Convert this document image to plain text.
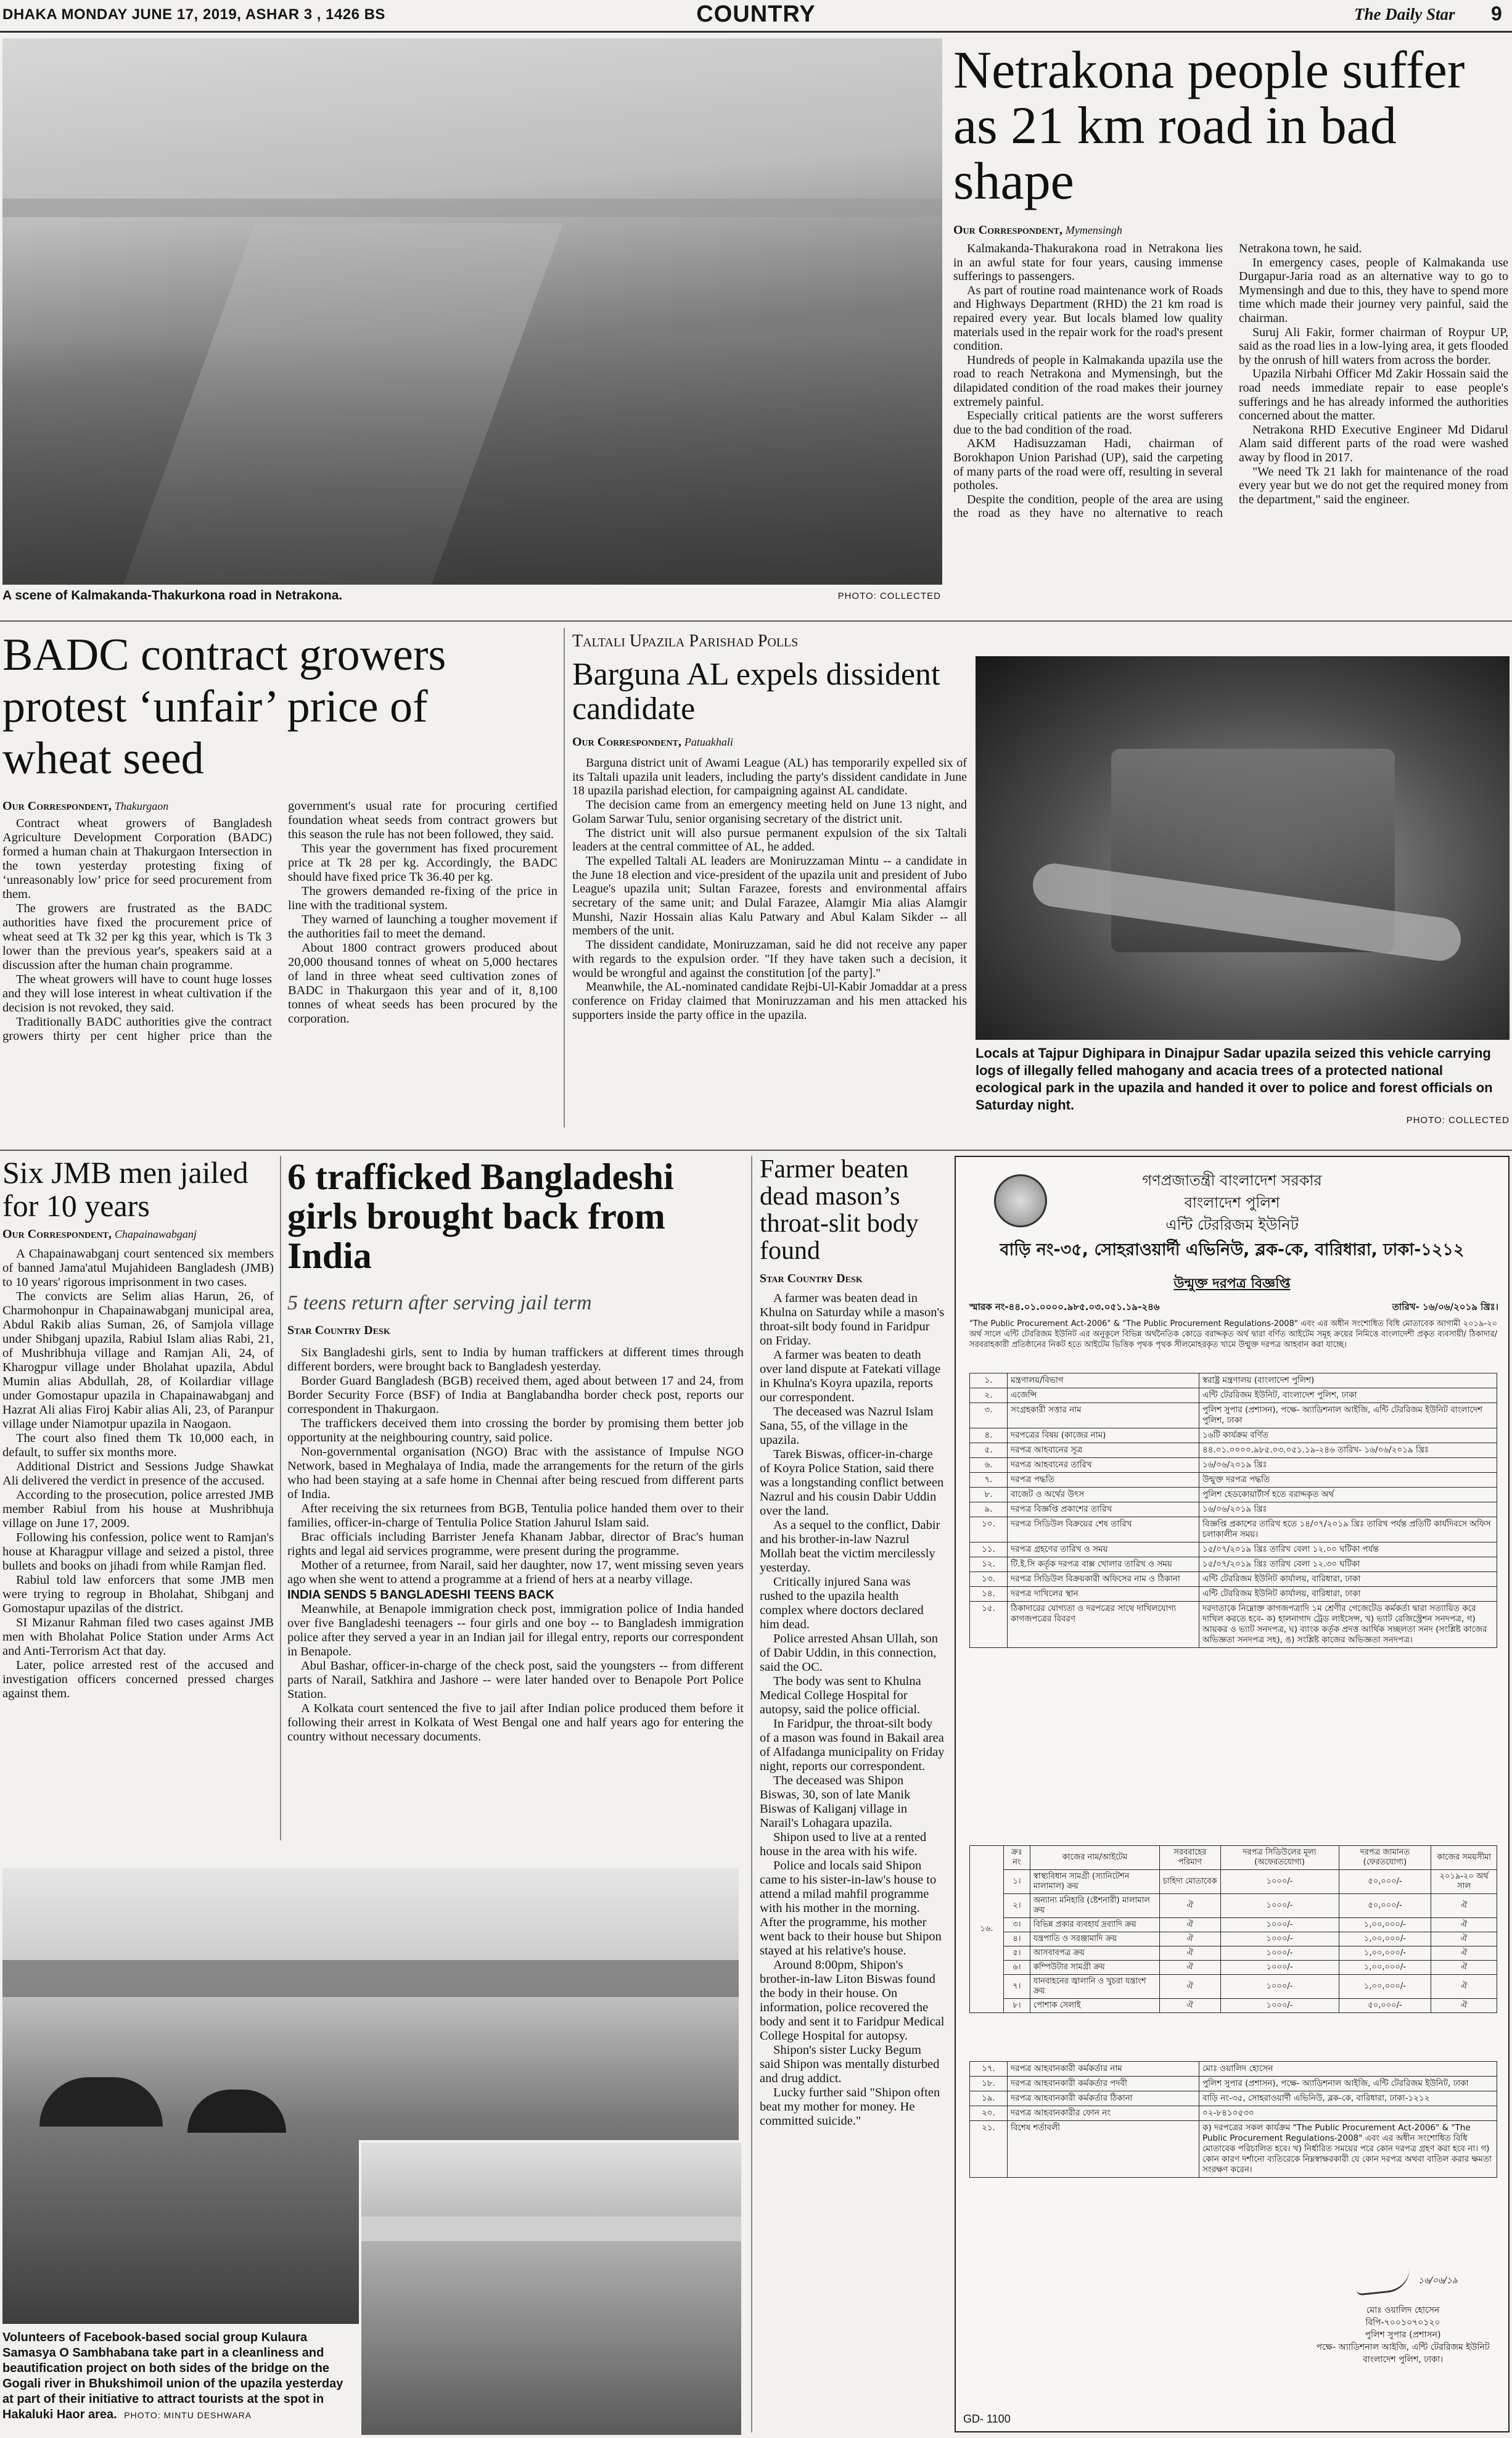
DHAKA MONDAY JUNE 17, 2019, ASHAR 3 , 1426 BS	COUNTRY	The Daily Star 9
A scene of Kalmakanda-Thakurkona road in Netrakona.	PHOTO: COLLECTED
Netrakona people suffer as 21 km road in bad shape
Our Correspondent, Mymensingh

Kalmakanda-Thakurakona road in Netrakona lies in an awful state for four years, causing immense sufferings to passengers.

As part of routine road maintenance work of Roads and Highways Department (RHD) the 21 km road is repaired every year. But locals blamed low quality materials used in the repair work for the road's present condition.

Hundreds of people in Kalmakanda upazila use the road to reach Netrakona and Mymensingh, but the dilapidated condition of the road makes their journey extremely painful.

Especially critical patients are the worst sufferers due to the bad condition of the road.

AKM Hadisuzzaman Hadi, chairman of Borokhapon Union Parishad (UP), said the carpeting of many parts of the road were off, resulting in several potholes.

Despite the condition, people of the area are using the road as they have no alternative to reach Netrakona town, he said.

In emergency cases, people of Kalmakanda use Durgapur-Jaria road as an alternative way to go to Mymensingh and due to this, they have to spend more time which made their journey very painful, said the chairman.

Suruj Ali Fakir, former chairman of Roypur UP, said as the road lies in a low-lying area, it gets flooded by the onrush of hill waters from across the border.

Upazila Nirbahi Officer Md Zakir Hossain said the road needs immediate repair to ease people's sufferings and he has already informed the authorities concerned about the matter.

Netrakona RHD Executive Engineer Md Didarul Alam said different parts of the road were washed away by flood in 2017.

"We need Tk 21 lakh for maintenance of the road every year but we do not get the required money from the department," said the engineer.

BADC contract growers protest ‘unfair’ price of wheat seed
Our Correspondent, Thakurgaon

Contract wheat growers of Bangladesh Agriculture Development Corporation (BADC) formed a human chain at Thakurgaon Intersection in the town yesterday protesting fixing of ‘unreasonably low’ price for seed procurement from them.

The growers are frustrated as the BADC authorities have fixed the procurement price of wheat seed at Tk 32 per kg this year, which is Tk 3 lower than the previous year's, speakers said at a discussion after the human chain programme.

The wheat growers will have to count huge losses and they will lose interest in wheat cultivation if the decision is not revoked, they said.

Traditionally BADC authorities give the contract growers thirty per cent higher price than the government's usual rate for procuring certified foundation wheat seeds from contract growers but this season the rule has not been followed, they said.

This year the government has fixed procurement price at Tk 28 per kg. Accordingly, the BADC should have fixed price Tk 36.40 per kg.

The growers demanded re-fixing of the price in line with the traditional system.

They warned of launching a tougher movement if the authorities fail to meet the demand.

About 1800 contract growers produced about 20,000 thousand tonnes of wheat on 5,000 hectares of land in three wheat seed cultivation zones of BADC in Thakurgaon this year and of it, 8,100 tonnes of wheat seeds has been procured by the corporation.

Taltali Upazila Parishad Polls
Barguna AL expels dissident candidate
Our Correspondent, Patuakhali

Barguna district unit of Awami League (AL) has temporarily expelled six of its Taltali upazila unit leaders, including the party's dissident candidate in June 18 upazila parishad election, for campaigning against AL candidate.

The decision came from an emergency meeting held on June 13 night, and Golam Sarwar Tulu, senior organising secretary of the district unit.

The district unit will also pursue permanent expulsion of the six Taltali leaders at the central committee of AL, he added.

The expelled Taltali AL leaders are Moniruzzaman Mintu -- a candidate in the June 18 election and vice-president of the upazila unit and president of Jubo League's upazila unit; Sultan Farazee, forests and environmental affairs secretary of the same unit; and Dulal Farazee, Alamgir Mia alias Alamgir Munshi, Nazir Hossain alias Kalu Patwary and Abul Kalam Sikder -- all members of the unit.

The dissident candidate, Moniruzzaman, said he did not receive any paper with regards to the expulsion order. "If they have taken such a decision, it would be wrongful and against the constitution [of the party]."

Meanwhile, the AL-nominated candidate Rejbi-Ul-Kabir Jomaddar at a press conference on Friday claimed that Moniruzzaman and his men attacked his supporters inside the party office in the upazila.

Locals at Tajpur Dighipara in Dinajpur Sadar upazila seized this vehicle carrying logs of illegally felled mahogany and acacia trees of a protected national ecological park in the upazila and handed it over to police and forest officials on Saturday night.
PHOTO: COLLECTED
Six JMB men jailed for 10 years
Our Correspondent, Chapainawabganj

A Chapainawabganj court sentenced six members of banned Jama'atul Mujahideen Bangladesh (JMB) to 10 years' rigorous imprisonment in two cases.

The convicts are Selim alias Harun, 26, of Charmohonpur in Chapainawabganj municipal area, Abdul Rakib alias Suman, 26, of Samjola village under Shibganj upazila, Rabiul Islam alias Rabi, 21, of Mushribhuja village and Ramjan Ali, 24, of Kharogpur village under Bholahat upazila, Abdul Mumin alias Abdullah, 28, of Koilardiar village under Gomostapur upazila in Chapainawabganj and Hazrat Ali alias Firoj Kabir alias Ali, 23, of Paranpur village under Niamotpur upazila in Naogaon.

The court also fined them Tk 10,000 each, in default, to suffer six months more.

Additional District and Sessions Judge Shawkat Ali delivered the verdict in presence of the accused.

According to the prosecution, police arrested JMB member Rabiul from his house at Mushribhuja village on June 17, 2009.

Following his confession, police went to Ramjan's house at Kharagpur village and seized a pistol, three bullets and books on jihadi from while Ramjan fled.

Rabiul told law enforcers that some JMB men were trying to regroup in Bholahat, Shibganj and Gomostapur upazilas of the district.

SI Mizanur Rahman filed two cases against JMB men with Bholahat Police Station under Arms Act and Anti-Terrorism Act that day.

Later, police arrested rest of the accused and investigation officers concerned pressed charges against them.

6 trafficked Bangladeshi girls brought back from India
5 teens return after serving jail term
Star Country Desk

Six Bangladeshi girls, sent to India by human traffickers at different times through different borders, were brought back to Bangladesh yesterday.

Border Guard Bangladesh (BGB) received them, aged about between 17 and 24, from Border Security Force (BSF) of India at Banglabandha border check post, reports our correspondent in Thakurgaon.

The traffickers deceived them into crossing the border by promising them better job opportunity at the neighbouring country, said police.

Non-governmental organisation (NGO) Brac with the assistance of Impulse NGO Network, based in Meghalaya of India, made the arrangements for the return of the girls who had been staying at a safe home in Chennai after being rescued from different parts of India.

After receiving the six returnees from BGB, Tentulia police handed them over to their families, officer-in-charge of Tentulia Police Station Jahurul Islam said.

Brac officials including Barrister Jenefa Khanam Jabbar, director of Brac's human rights and legal aid services programme, were present during the programme.

Mother of a returnee, from Narail, said her daughter, now 17, went missing seven years ago when she went to attend a programme at a friend of hers at a nearby village.

INDIA SENDS 5 BANGLADESHI TEENS BACK

Meanwhile, at Benapole immigration check post, immigration police of India handed over five Bangladeshi teenagers -- four girls and one boy -- to Bangladesh immigration police after they served a year in an Indian jail for illegal entry, reports our correspondent in Benapole.

Abul Bashar, officer-in-charge of the check post, said the youngsters -- from different parts of Narail, Satkhira and Jashore -- were later handed over to Benapole Port Police Station.

A Kolkata court sentenced the five to jail after Indian police produced them before it following their arrest in Kolkata of West Bengal one and half years ago for entering the country without necessary documents.

Volunteers of Facebook-based social group Kulaura Samasya O Sambhabana take part in a cleanliness and beautification project on both sides of the bridge on the Gogali river in Bhukshimoil union of the upazila yesterday at part of their initiative to attract tourists at the spot in Hakaluki Haor area. PHOTO: MINTU DESHWARA
Farmer beaten dead mason’s throat-slit body found
Star Country Desk

A farmer was beaten dead in Khulna on Saturday while a mason's throat-silt body found in Faridpur on Friday.

A farmer was beaten to death over land dispute at Fatekati village in Khulna's Koyra upazila, reports our correspondent.

The deceased was Nazrul Islam Sana, 55, of the village in the upazila.

Tarek Biswas, officer-in-charge of Koyra Police Station, said there was a longstanding conflict between Nazrul and his cousin Dabir Uddin over the land.

As a sequel to the conflict, Dabir and his brother-in-law Nazrul Mollah beat the victim mercilessly yesterday.

Critically injured Sana was rushed to the upazila health complex where doctors declared him dead.

Police arrested Ahsan Ullah, son of Dabir Uddin, in this connection, said the OC.

The body was sent to Khulna Medical College Hospital for autopsy, said the police official.

In Faridpur, the throat-silt body of a mason was found in Bakail area of Alfadanga municipality on Friday night, reports our correspondent.

The deceased was Shipon Biswas, 30, son of late Manik Biswas of Kaliganj village in Narail's Lohagara upazila.

Shipon used to live at a rented house in the area with his wife.

Police and locals said Shipon came to his sister-in-law's house to attend a milad mahfil programme with his mother in the morning. After the programme, his mother went back to their house but Shipon stayed at his relative's house.

Around 8:00pm, Shipon's brother-in-law Liton Biswas found the body in their house. On information, police recovered the body and sent it to Faridpur Medical College Hospital for autopsy.

Shipon's sister Lucky Begum said Shipon was mentally disturbed and drug addict.

Lucky further said "Shipon often beat my mother for money. He committed suicide."

গণপ্রজাতন্ত্রী বাংলাদেশ সরকার
বাংলাদেশ পুলিশ
এন্টি টেররিজম ইউনিট
বাড়ি নং-৩৫, সোহরাওয়ার্দী এভিনিউ, ব্লক-কে, বারিধারা, ঢাকা-১২১২
উন্মুক্ত দরপত্র বিজ্ঞপ্তি
স্মারক নং-৪৪.০১.০০০০.৯৮৫.০৩.০৫১.১৯-২৪৬	তারিখ- ১৬/০৬/২০১৯ খ্রিঃ।
"The Public Procurement Act-2006" & "The Public Procurement Regulations-2008" এবং এর অধীন সংশোধিত বিধি মোতাবেক আগামী ২০১৯-২০ অর্থ সালে এন্টি টেররিজম ইউনিট এর অনুকূলে বিভিন্ন অর্থনৈতিক কোডে বরাদ্দকৃত অর্থ দ্বারা বর্ণিত আইটেম সমূহ ক্রয়ের নিমিত্তে বাংলাদেশী প্রকৃত ব্যবসায়ী/ ঠিকাদার/ সরবরাহকারী প্রতিষ্ঠানের নিকট হতে আইটেম ভিত্তিক পৃথক পৃথক সীলমোহরকৃত খামে উন্মুক্ত দরপত্র আহবান করা যাচ্ছে।
১.	মন্ত্রণালয়/বিভাগ	স্বরাষ্ট্র মন্ত্রণালয় (বাংলাদেশ পুলিশ)
২.	এজেন্সি	এন্টি টেররিজম ইউনিট, বাংলাদেশ পুলিশ, ঢাকা
৩.	সংগ্রহকারী সত্তার নাম	পুলিশ সুপার (প্রশাসন), পক্ষে- অ্যাডিশনাল আইজি, এন্টি টেররিজম ইউনিট বাংলাদেশ পুলিশ, ঢাকা
৪.	দরপত্রের বিষয় (কাজের নাম)	১৬টি কার্যক্রম বর্ণিত
৫.	দরপত্র আহবানের সূত্র	৪৪.০১.০০০০.৯৮৫.০৩.০৫১.১৯-২৪৬ তারিখ- ১৬/০৬/২০১৯ খ্রিঃ
৬.	দরপত্র আহবানের তারিখ	১৬/০৬/২০১৯ খ্রিঃ
৭.	দরপত্র পদ্ধতি	উন্মুক্ত দরপত্র পদ্ধতি
৮.	বাজেট ও অর্থের উৎস	পুলিশ হেডকোয়ার্টার্স হতে বরাদ্দকৃত অর্থ
৯.	দরপত্র বিজ্ঞপ্তি প্রকাশের তারিখ	১৬/০৬/২০১৯ খ্রিঃ
১০.	দরপত্র সিডিউল বিক্রয়ের শেষ তারিখ	বিজ্ঞপ্তি প্রকাশের তারিখ হতে ১৪/০৭/২০১৯ খ্রিঃ তারিখ পর্যন্ত প্রতিটি কার্যদিবসে অফিস চলাকালীন সময়।
১১.	দরপত্র গ্রহণের তারিখ ও সময়	১৫/০৭/২০১৯ খ্রিঃ তারিখ বেলা ১২.০০ ঘটিকা পর্যন্ত
১২.	টি.ই.সি কর্তৃক দরপত্র বাক্স খোলার তারিখ ও সময়	১৫/০৭/২০১৯ খ্রিঃ তারিখ বেলা ১২.৩০ ঘটিকা
১৩.	দরপত্র সিডিউল বিক্রয়কারী অফিসের নাম ও ঠিকানা	এন্টি টেররিজম ইউনিট কার্যালয়, বারিধারা, ঢাকা
১৪.	দরপত্র দাখিলের স্থান	এন্টি টেররিজম ইউনিট কার্যালয়, বারিধারা, ঢাকা
১৫.	ঠিকাদারের যোগ্যতা ও দরপত্রের সাথে দাখিলযোগ্য কাগজপত্রের বিবরণ	দরদাতাকে নিম্নোক্ত কাগজপত্রাদি ১ম শ্রেণীর গেজেটেড কর্মকর্তা দ্বারা সত্যায়িত করে দাখিল করতে হবে- ক) হালনাগাদ ট্রেড লাইসেন্স, খ) ভ্যাট রেজিস্ট্রেশন সনদপত্র, গ) আয়কর ও ভ্যাট সনদপত্র, ঘ) ব্যাংক কর্তৃক প্রদত্ত আর্থিক সচ্ছলতা সনদ (সংশ্লিষ্ট কাজের অভিজ্ঞতা সনদপত্র সহ), ঙ) সংশ্লিষ্ট কাজের অভিজ্ঞতা সনদপত্র।
১৬.	ক্রঃ নং	কাজের নাম/আইটেম	সরবরাহের পরিমাণ	দরপত্র সিডিউলের মূল্য (অফেরতযোগ্য)	দরপত্র জামানত (ফেরতযোগ্য)	কাজের সময়সীমা
	১।	স্বাস্থ্যবিধান সামগ্রী (স্যানিটেশন মালামাল) ক্রয়	চাহিদা মোতাবেক	১০০০/-	৫০,০০০/-	২০১৯-২০ অর্থ সাল
	২।	অন্যান্য মনিহারি (ষ্টেশনারী) মালামাল ক্রয়	ঐ	১০০০/-	৫০,০০০/-	ঐ
	৩।	বিভিন্ন প্রকার ব্যবহার্য দ্রব্যাদি ক্রয়	ঐ	১০০০/-	১,০০,০০০/-	ঐ
	৪।	যন্ত্রপাতি ও সরঞ্জামাদি ক্রয়	ঐ	১০০০/-	১,০০,০০০/-	ঐ
	৫।	আসবাবপত্র ক্রয়	ঐ	১০০০/-	১,০০,০০০/-	ঐ
	৬।	কম্পিউটার সামগ্রী ক্রয়	ঐ	১০০০/-	১,০০,০০০/-	ঐ
	৭।	যানবাহনের জ্বালানি ও খুচরা যন্ত্রাংশ ক্রয়	ঐ	১০০০/-	১,০০,০০০/-	ঐ
	৮।	পোশাক সেলাই	ঐ	১০০০/-	৫০,০০০/-	ঐ
১৭.	দরপত্র আহবানকারী কর্মকর্তার নাম	মোঃ ওয়ালিদ হোসেন
১৮.	দরপত্র আহবানকারী কর্মকর্তার পদবী	পুলিশ সুপার (প্রশাসন), পক্ষে- অ্যাডিশনাল আইজি, এন্টি টেররিজম ইউনিট, ঢাকা
১৯.	দরপত্র আহবানকারী কর্মকর্তার ঠিকানা	বাড়ি নং-৩৫, সোহরাওয়ার্দী এভিনিউ, ব্লক-কে, বারিধারা, ঢাকা-১২১২
২০.	দরপত্র আহবানকারীর ফোন নং	০২-৮৪১০৫৩০
২১.	বিশেষ শর্তাবলী	ক) দরপত্রের সকল কার্যক্রম "The Public Procurement Act-2006" & "The Public Procurement Regulations-2008" এবং এর অধীন সংশোধিত বিধি মোতাবেক পরিচালিত হবে। খ) নির্ধারিত সময়ের পরে কোন দরপত্র গ্রহণ করা হবে না। গ) কোন কারণ দর্শানো ব্যতিরেকে নিম্নস্বাক্ষরকারী যে কোন দরপত্র অথবা বাতিল করার ক্ষমতা সংরক্ষণ করেন।
১৬/০৬/১৯
মোঃ ওয়ালিদ হোসেন
বিপি-৭০০১০৭০১২০
পুলিশ সুপার (প্রশাসন)
পক্ষে- অ্যাডিশনাল আইজি, এন্টি টেররিজম ইউনিট
বাংলাদেশ পুলিশ, ঢাকা।
GD- 1100
